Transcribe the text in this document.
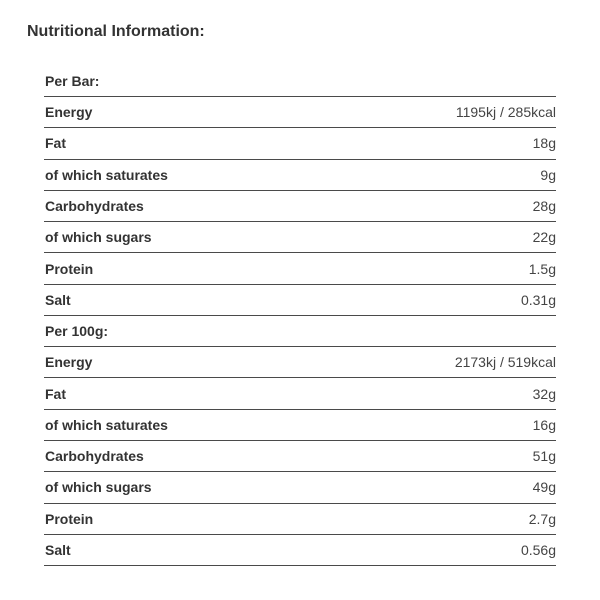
Nutritional Information:
Per Bar:
Energy	1195kj / 285kcal
Fat	18g
of which saturates	9g
Carbohydrates	28g
of which sugars	22g
Protein	1.5g
Salt	0.31g
Per 100g:
Energy	2173kj / 519kcal
Fat	32g
of which saturates	16g
Carbohydrates	51g
of which sugars	49g
Protein	2.7g
Salt	0.56g
